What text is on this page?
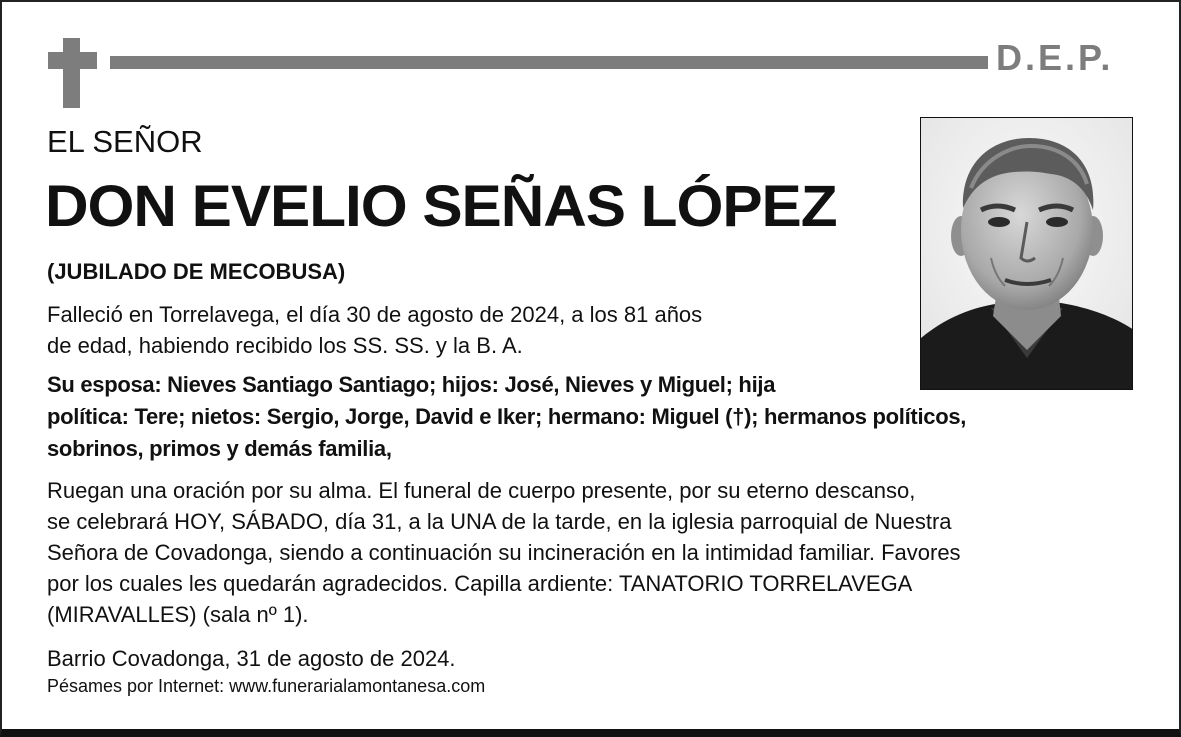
D.E.P.
EL SEÑOR
DON EVELIO SEÑAS LÓPEZ
(JUBILADO DE MECOBUSA)
Falleció en Torrelavega, el día 30 de agosto de 2024, a los 81 años
de edad, habiendo recibido los SS. SS. y la B. A.
Su esposa: Nieves Santiago Santiago; hijos: José, Nieves y Miguel; hija
política: Tere; nietos: Sergio, Jorge, David e Iker; hermano: Miguel (†); hermanos políticos,
sobrinos, primos y demás familia,
Ruegan una oración por su alma. El funeral de cuerpo presente, por su eterno descanso,
se celebrará HOY, SÁBADO, día 31, a la UNA de la tarde, en la iglesia parroquial de Nuestra
Señora de Covadonga, siendo a continuación su incineración en la intimidad familiar. Favores
por los cuales les quedarán agradecidos. Capilla ardiente: TANATORIO TORRELAVEGA
(MIRAVALLES) (sala nº 1).
Barrio Covadonga, 31 de agosto de 2024.
Pésames por Internet: www.funerarialamontanesa.com
